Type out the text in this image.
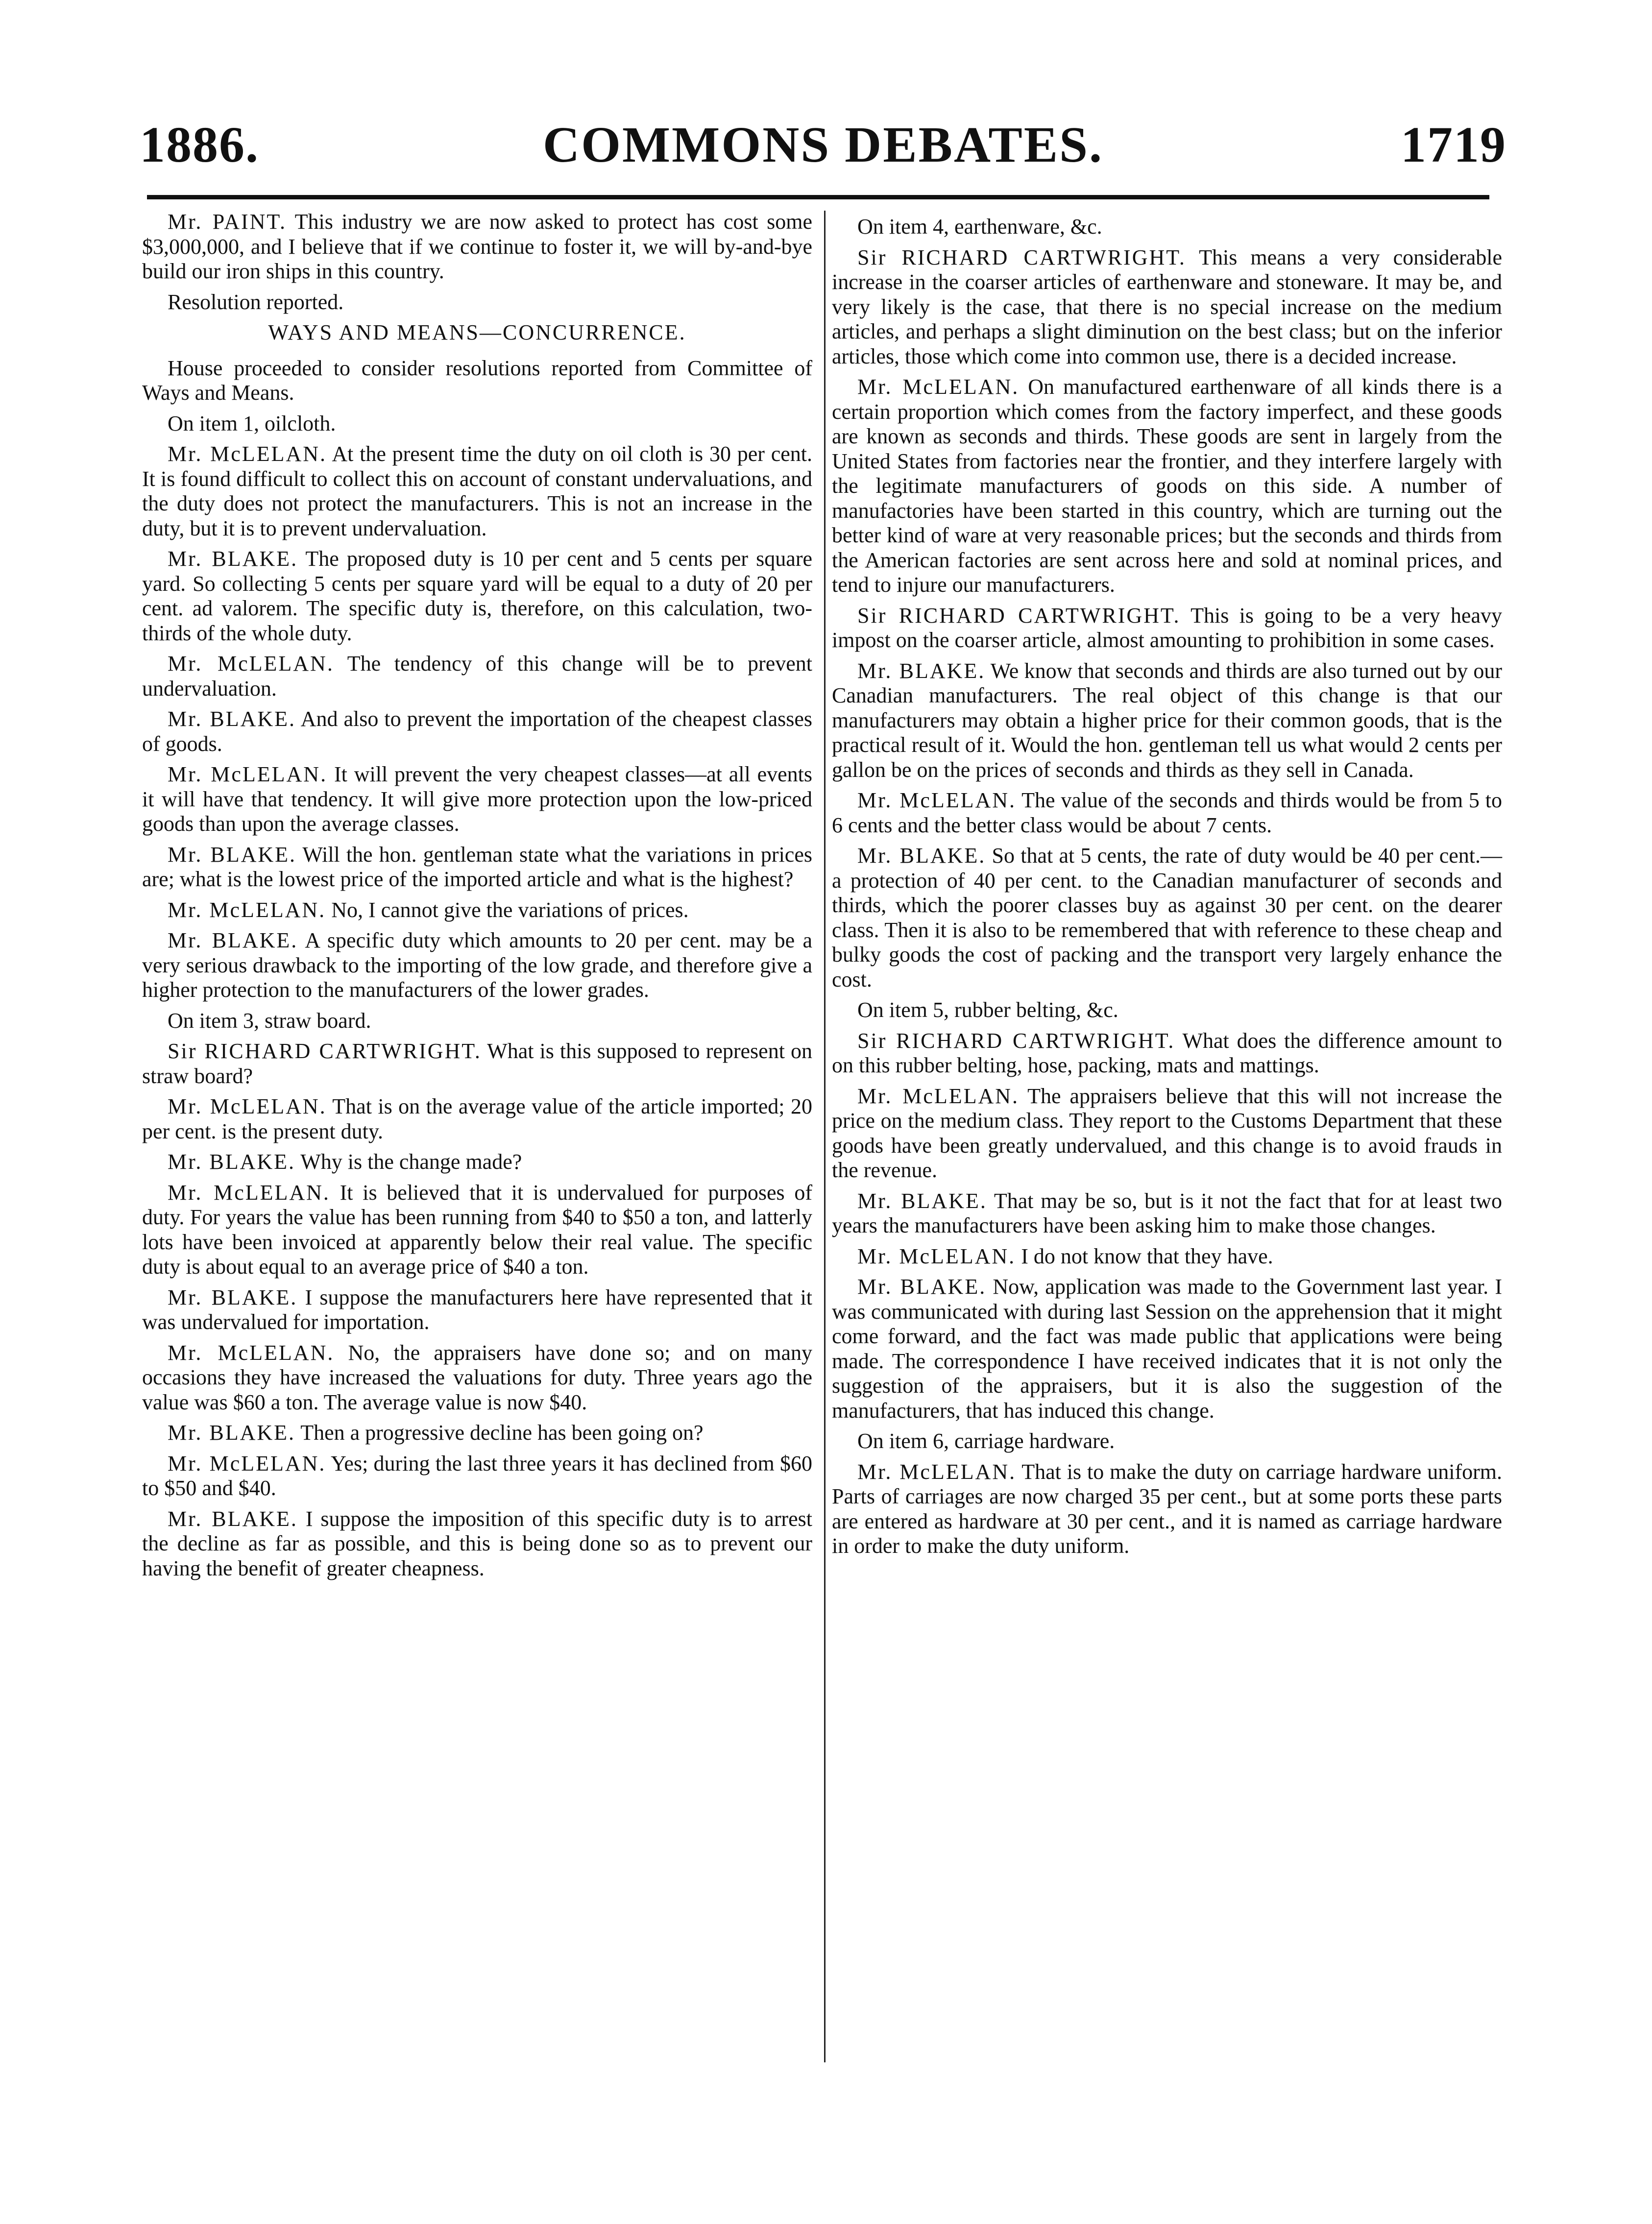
COMMONS DEBATES.
1886.	1719

Mr. PAINT. This industry we are now asked to protect has cost some $3,000,000, and I believe that if we continue to foster it, we will by-and-bye build our iron ships in this country.

Resolution reported.

WAYS AND MEANS—CONCURRENCE.

House proceeded to consider resolutions reported from Committee of Ways and Means.

On item 1, oilcloth.

Mr. McLELAN. At the present time the duty on oil cloth is 30 per cent. It is found difficult to collect this on account of constant undervaluations, and the duty does not protect the manufacturers. This is not an increase in the duty, but it is to prevent undervaluation.

Mr. BLAKE. The proposed duty is 10 per cent and 5 cents per square yard. So collecting 5 cents per square yard will be equal to a duty of 20 per cent. ad valorem. The specific duty is, therefore, on this calculation, two-thirds of the whole duty.

Mr. McLELAN. The tendency of this change will be to prevent undervaluation.

Mr. BLAKE. And also to prevent the importation of the cheapest classes of goods.

Mr. McLELAN. It will prevent the very cheapest classes—at all events it will have that tendency. It will give more protection upon the low-priced goods than upon the average classes.

Mr. BLAKE. Will the hon. gentleman state what the variations in prices are; what is the lowest price of the imported article and what is the highest?

Mr. McLELAN. No, I cannot give the variations of prices.

Mr. BLAKE. A specific duty which amounts to 20 per cent. may be a very serious drawback to the importing of the low grade, and therefore give a higher protection to the manufacturers of the lower grades.

On item 3, straw board.

Sir RICHARD CARTWRIGHT. What is this supposed to represent on straw board?

Mr. McLELAN. That is on the average value of the article imported; 20 per cent. is the present duty.

Mr. BLAKE. Why is the change made?

Mr. McLELAN. It is believed that it is undervalued for purposes of duty. For years the value has been running from $40 to $50 a ton, and latterly lots have been invoiced at apparently below their real value. The specific duty is about equal to an average price of $40 a ton.

Mr. BLAKE. I suppose the manufacturers here have represented that it was undervalued for importation.

Mr. McLELAN. No, the appraisers have done so; and on many occasions they have increased the valuations for duty. Three years ago the value was $60 a ton. The average value is now $40.

Mr. BLAKE. Then a progressive decline has been going on?

Mr. McLELAN. Yes; during the last three years it has declined from $60 to $50 and $40.

Mr. BLAKE. I suppose the imposition of this specific duty is to arrest the decline as far as possible, and this is being done so as to prevent our having the benefit of greater cheapness.

On item 4, earthenware, &c.

Sir RICHARD CARTWRIGHT. This means a very considerable increase in the coarser articles of earthenware and stoneware. It may be, and very likely is the case, that there is no special increase on the medium articles, and perhaps a slight diminution on the best class; but on the inferior articles, those which come into common use, there is a decided increase.

Mr. McLELAN. On manufactured earthenware of all kinds there is a certain proportion which comes from the factory imperfect, and these goods are known as seconds and thirds. These goods are sent in largely from the United States from factories near the frontier, and they interfere largely with the legitimate manufacturers of goods on this side. A number of manufactories have been started in this country, which are turning out the better kind of ware at very reasonable prices; but the seconds and thirds from the American factories are sent across here and sold at nominal prices, and tend to injure our manufacturers.

Sir RICHARD CARTWRIGHT. This is going to be a very heavy impost on the coarser article, almost amounting to prohibition in some cases.

Mr. BLAKE. We know that seconds and thirds are also turned out by our Canadian manufacturers. The real object of this change is that our manufacturers may obtain a higher price for their common goods, that is the practical result of it. Would the hon. gentleman tell us what would 2 cents per gallon be on the prices of seconds and thirds as they sell in Canada.

Mr. McLELAN. The value of the seconds and thirds would be from 5 to 6 cents and the better class would be about 7 cents.

Mr. BLAKE. So that at 5 cents, the rate of duty would be 40 per cent.—a protection of 40 per cent. to the Canadian manufacturer of seconds and thirds, which the poorer classes buy as against 30 per cent. on the dearer class. Then it is also to be remembered that with reference to these cheap and bulky goods the cost of packing and the transport very largely enhance the cost.

On item 5, rubber belting, &c.

Sir RICHARD CARTWRIGHT. What does the difference amount to on this rubber belting, hose, packing, mats and mattings.

Mr. McLELAN. The appraisers believe that this will not increase the price on the medium class. They report to the Customs Department that these goods have been greatly undervalued, and this change is to avoid frauds in the revenue.

Mr. BLAKE. That may be so, but is it not the fact that for at least two years the manufacturers have been asking him to make those changes.

Mr. McLELAN. I do not know that they have.

Mr. BLAKE. Now, application was made to the Government last year. I was communicated with during last Session on the apprehension that it might come forward, and the fact was made public that applications were being made. The correspondence I have received indicates that it is not only the suggestion of the appraisers, but it is also the suggestion of the manufacturers, that has induced this change.

On item 6, carriage hardware.

Mr. McLELAN. That is to make the duty on carriage hardware uniform. Parts of carriages are now charged 35 per cent., but at some ports these parts are entered as hardware at 30 per cent., and it is named as carriage hardware in order to make the duty uniform.
